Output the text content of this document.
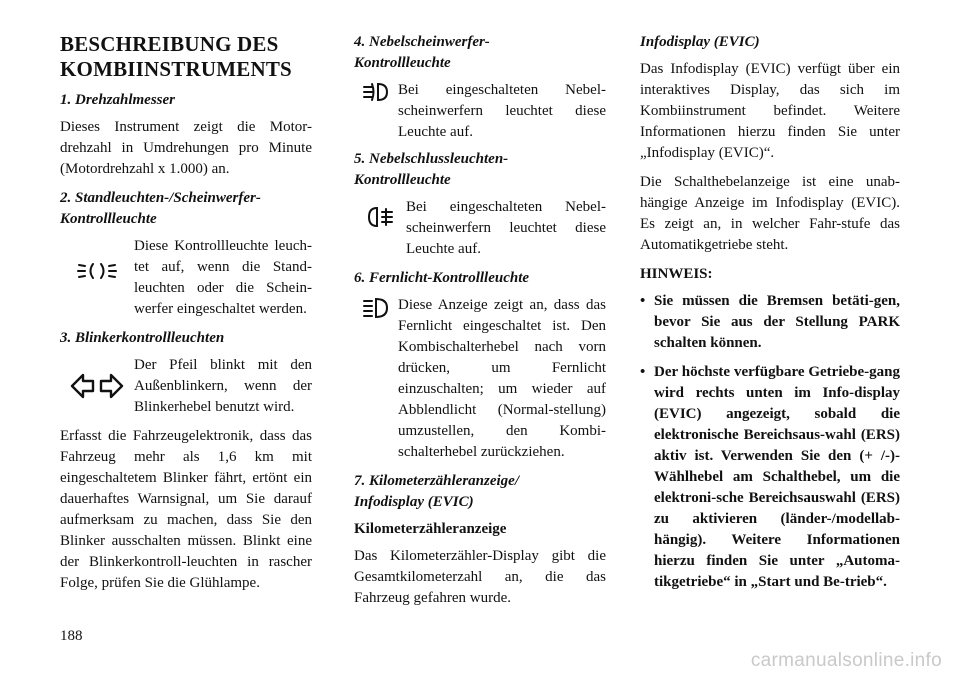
BESCHREIBUNG DES
KOMBIINSTRUMENTS
1. Drehzahlmesser

Dieses Instrument zeigt die Motor-drehzahl in Umdrehungen pro Minute (Motordrehzahl x 1.000) an.

2. Standleuchten-/Scheinwerfer-
Kontrollleuchte
Diese Kontrollleuchte leuch-tet auf, wenn die Stand-leuchten oder die Schein-werfer eingeschaltet werden.
3. Blinkerkontrollleuchten
Der Pfeil blinkt mit den Außenblinkern, wenn der Blinkerhebel benutzt wird.

Erfasst die Fahrzeugelektronik, dass das Fahrzeug mehr als 1,6 km mit eingeschaltetem Blinker fährt, ertönt ein dauerhaftes Warnsignal, um Sie darauf aufmerksam zu machen, dass Sie den Blinker ausschalten müssen. Blinkt eine der Blinkerkontroll-leuchten in rascher Folge, prüfen Sie die Glühlampe.

4. Nebelscheinwerfer-
Kontrollleuchte
Bei eingeschalteten Nebel-scheinwerfern leuchtet diese Leuchte auf.
5. Nebelschlussleuchten-
Kontrollleuchte
Bei eingeschalteten Nebel-scheinwerfern leuchtet diese Leuchte auf.
6. Fernlicht-Kontrollleuchte
Diese Anzeige zeigt an, dass das Fernlicht eingeschaltet ist. Den Kombischalterhebel nach vorn drücken, um Fernlicht einzuschalten; um wieder auf Abblendlicht (Normal-stellung) umzustellen, den Kombi-schalterhebel zurückziehen.
7. Kilometerzähleranzeige/
Infodisplay (EVIC)
Kilometerzähleranzeige

Das Kilometerzähler-Display gibt die Gesamtkilometerzahl an, die das Fahrzeug gefahren wurde.

Infodisplay (EVIC)

Das Infodisplay (EVIC) verfügt über ein interaktives Display, das sich im Kombiinstrument befindet. Weitere Informationen hierzu finden Sie unter „Infodisplay (EVIC)“.

Die Schalthebelanzeige ist eine unab-hängige Anzeige im Infodisplay (EVIC). Es zeigt an, in welcher Fahr-stufe das Automatikgetriebe steht.

HINWEIS:
• Sie müssen die Bremsen betäti-gen, bevor Sie aus der Stellung PARK schalten können.
• Der höchste verfügbare Getriebe-gang wird rechts unten im Info-display (EVIC) angezeigt, sobald die elektronische Bereichsaus-wahl (ERS) aktiv ist. Verwenden Sie den (+ /-)-Wählhebel am Schalthebel, um die elektroni-sche Bereichsauswahl (ERS) zu aktivieren (länder-/modellab-hängig). Weitere Informationen hierzu finden Sie unter „Automa-tikgetriebe“ in „Start und Be-trieb“.
188
carmanualsonline.info
